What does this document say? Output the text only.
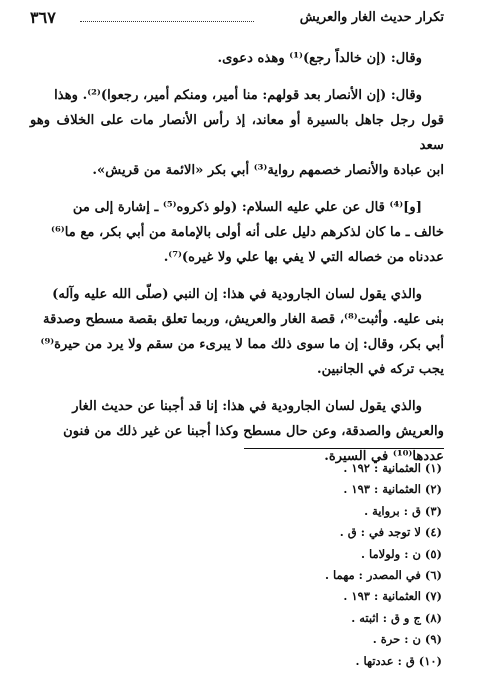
تكرار حديث الغار والعريش
٣٦٧

وقال: (إن خالداً رجع)⁽¹⁾ وهذه دعوى.

وقال: (إن الأنصار بعد قولهم: منا أمير، ومنكم أمير، رجعوا)⁽²⁾. وهذا

قول رجل جاهل بالسيرة أو معاند، إذ رأس الأنصار مات على الخلاف وهو سعد

ابن عبادة والأنصار خصمهم رواية⁽³⁾ أبي بكر «الائمة من قريش».

[و]⁽⁴⁾ قال عن علي عليه السلام: (ولو ذكروه⁽⁵⁾ ـ إشارة إلى من

خالف ـ ما كان لذكرهم دليل على أنه أولى بالإمامة من أبي بكر، مع ما⁽⁶⁾

عددناه من خصاله التي لا يفي بها علي ولا غيره)⁽⁷⁾.

والذي يقول لسان الجارودية في هذا: إن النبي (صلّى الله عليه وآله)

بنى عليه. وأثبت⁽⁸⁾، قصة الغار والعريش، وربما تعلق بقصة مسطح وصدقة

أبي بكر، وقال: إن ما سوى ذلك مما لا يبرىء من سقم ولا يرد من حيرة⁽⁹⁾

يجب تركه في الجانبين.

والذي يقول لسان الجارودية في هذا: إنا قد أجبنا عن حديث الغار

والعريش والصدقة، وعن حال مسطح وكذا أجبنا عن غير ذلك من فنون

عددها⁽¹⁰⁾ في السيرة.

(١) العثمانية : ١٩٢ .
(٢) العثمانية : ١٩٣ .
(٣) ق : برواية .
(٤) لا توجد في : ق .
(٥) ن : ولولاما .
(٦) في المصدر : مهما .
(٧) العثمانية : ١٩٣ .
(٨) ج و ق : اثبته .
(٩) ن : حرة .
(١٠) ق : عددتها .
